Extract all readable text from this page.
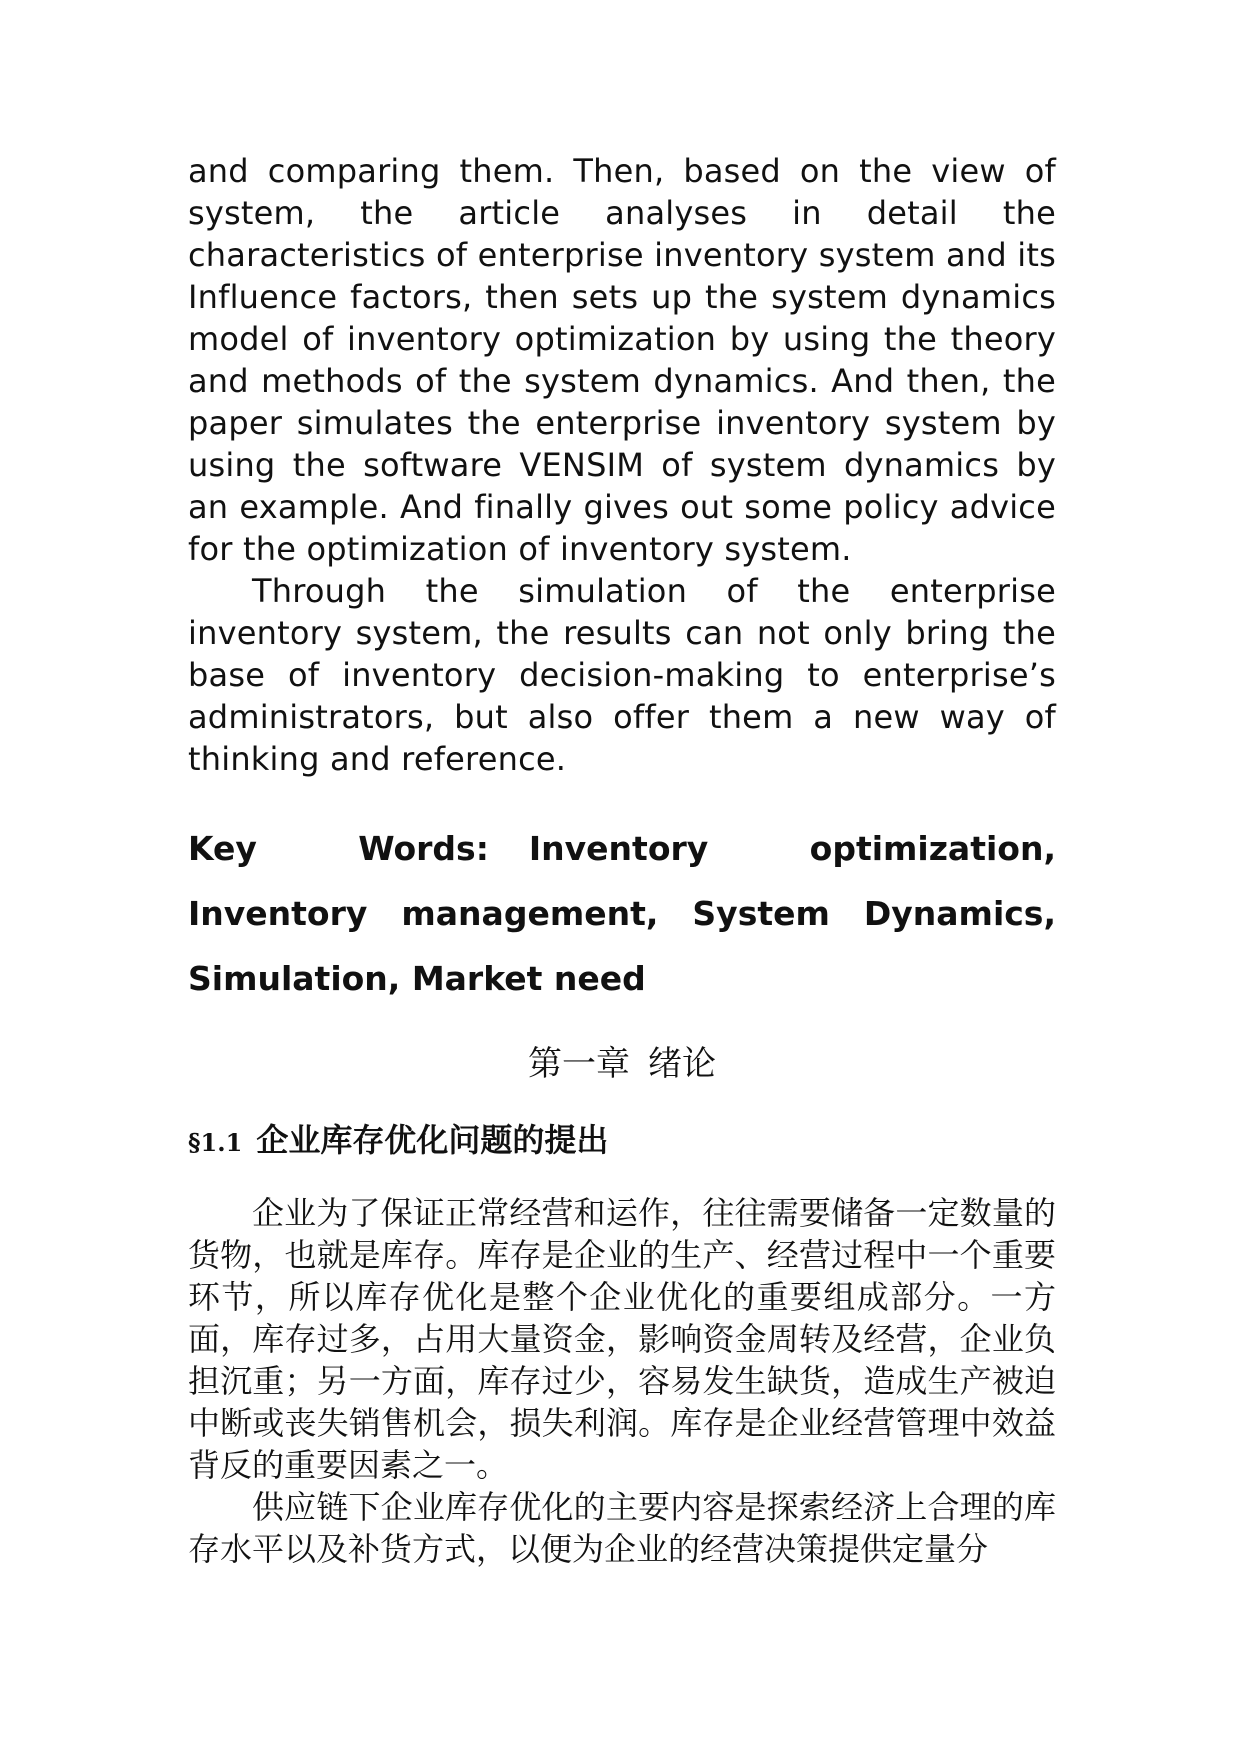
and comparing them. Then, based on the view of system, the article analyses in detail the characteristics of enterprise inventory system and its Influence factors, then sets up the system dynamics model of inventory optimization by using the theory and methods of the system dynamics. And then, the paper simulates the enterprise inventory system by using the software VENSIM of system dynamics by an example. And finally gives out some policy advice for the optimization of inventory system.

Through the simulation of the enterprise inventory system, the results can not only bring the base of inventory decision-making to enterprise’s administrators, but also offer them a new way of thinking and reference.

Key Words: Inventory optimization, Inventory management, System Dynamics, Simulation, Market need
第一章 绪论
§1.1 企业库存优化问题的提出

企业为了保证正常经营和运作，往往需要储备一定数量的货物，也就是库存。库存是企业的生产、经营过程中一个重要环节，所以库存优化是整个企业优化的重要组成部分。一方面，库存过多，占用大量资金，影响资金周转及经营，企业负担沉重；另一方面，库存过少，容易发生缺货，造成生产被迫中断或丧失销售机会，损失利润。库存是企业经营管理中效益背反的重要因素之一。

供应链下企业库存优化的主要内容是探索经济上合理的库存水平以及补货方式，以便为企业的经营决策提供定量分
